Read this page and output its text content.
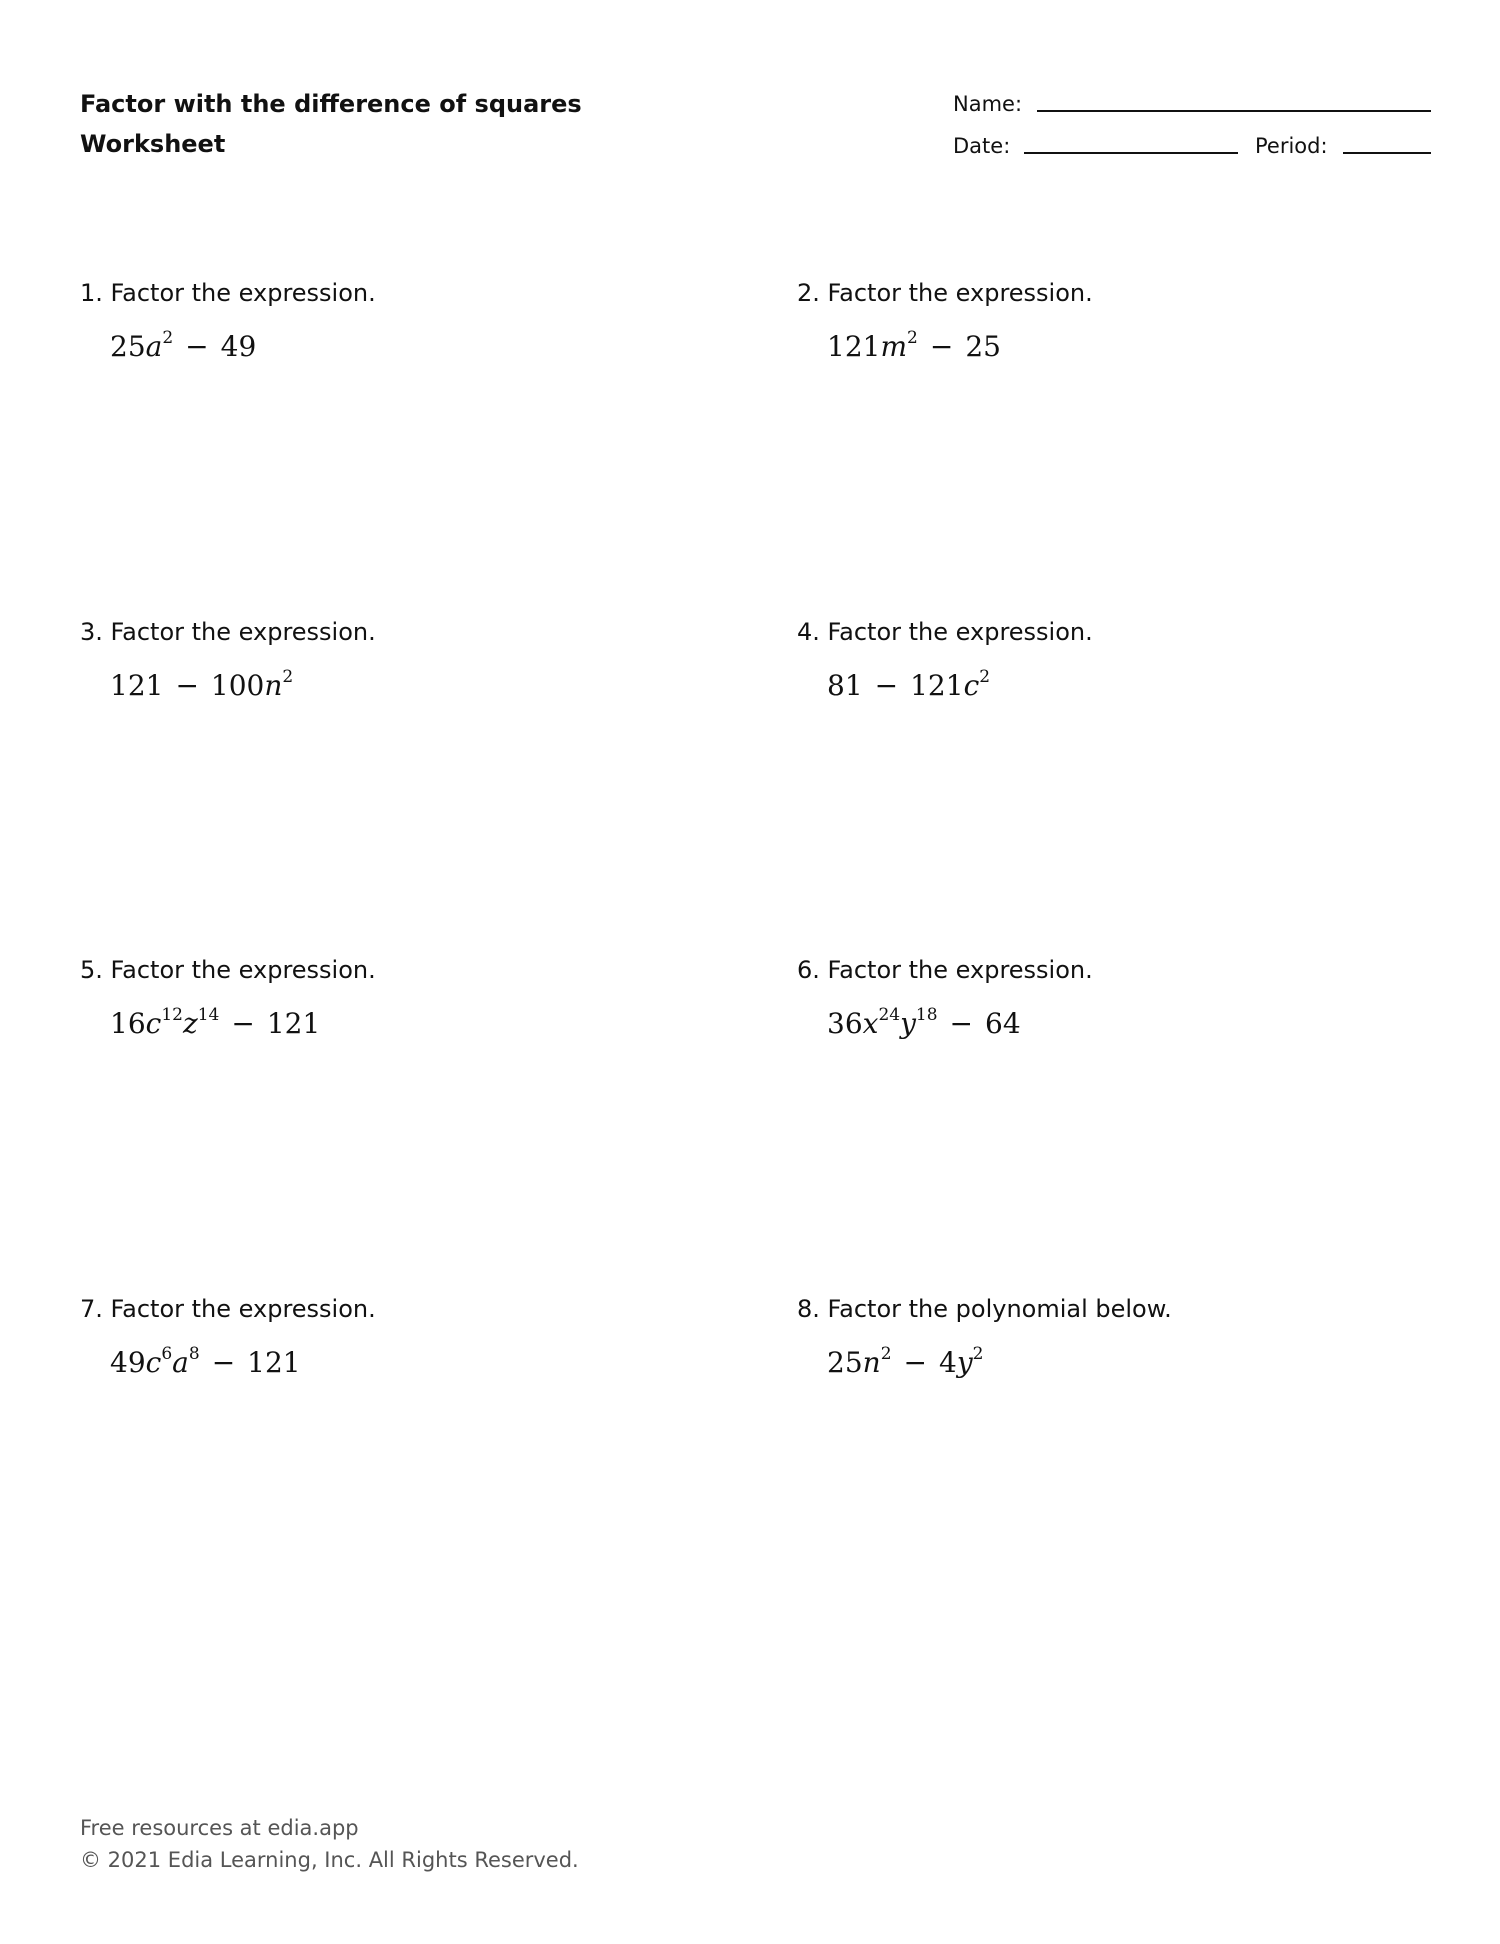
Factor with the difference of squares
Worksheet
Name:
Date:	Period:
1. Factor the expression.
$25a^2 - 49$
2. Factor the expression.
$121m^2 - 25$
3. Factor the expression.
$121 - 100n^2$
4. Factor the expression.
$81 - 121c^2$
5. Factor the expression.
$16c^{12}z^{14} - 121$
6. Factor the expression.
$36x^{24}y^{18} - 64$
7. Factor the expression.
$49c^6a^8 - 121$
8. Factor the polynomial below.
$25n^2 - 4y^2$
Free resources at edia.app
© 2021 Edia Learning, Inc. All Rights Reserved.
